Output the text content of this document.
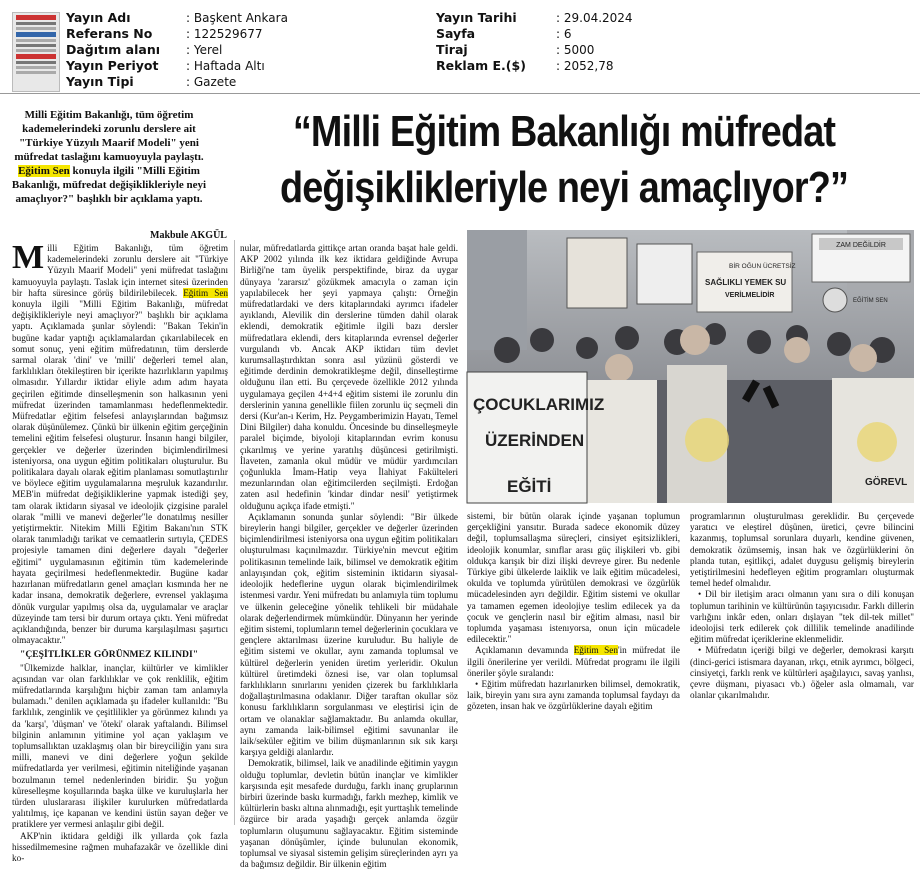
Yayın Adı	: Başkent Ankara
Referans No	: 122529677
Dağıtım alanı : Yerel
Yayın Periyot : Haftada Altı
Yayın Tipi	: Gazete
Yayın Tarihi	: 29.04.2024
Sayfa	: 6
Tiraj	: 5000
Reklam E.($)	: 2052,78
Milli Eğitim Bakanlığı, tüm öğretim kademelerindeki zorunlu derslere ait "Türkiye Yüzyılı Maarif Modeli" yeni müfredat taslağını kamuoyuyla paylaştı. Eğitim Sen konuyla ilgili "Milli Eğitim Bakanlığı, müfredat değişiklikleriyle neyi amaçlıyor?" başlıklı bir açıklama yaptı.
“Milli Eğitim Bakanlığı müfredat
değişiklikleriyle neyi amaçlıyor?”
Makbule AKGÜL

Milli Eğitim Bakanlığı, tüm öğretim kademelerindeki zorunlu derslere ait "Türkiye Yüzyılı Maarif Modeli" yeni müfredat taslağını kamuoyuyla paylaştı. Taslak için internet sitesi üzerinden bir hafta süresince görüş bildirilebilecek. Eğitim Sen konuyla ilgili "Milli Eğitim Bakanlığı, müfredat değişiklikleriyle neyi amaçlıyor?" başlıklı bir açıklama yaptı. Açıklamada şunlar söylendi: "Bakan Tekin'in bugüne kadar yaptığı açıklamalardan çıkarılabilecek en somut sonuç, yeni eğitim müfredatının, tüm derslerde sarmal olarak 'dini' ve 'milli' değerleri temel alan, farklılıkları ötekileştiren bir içerikte hazırlıkların yapılmış olmasıdır. Yıllardır iktidar eliyle adım adım hayata geçirilen eğitimde dinselleşmenin son halkasının yeni müfredat üzerinden tamamlanması hedeflenmektedir. Müfredatlar eğitim felsefesi anlayışlarından bağımsız olarak düşünülemez. Çünkü bir ülkenin eğitim gerçeğinin temelini eğitim felsefesi oluşturur. İnsanın hangi bilgiler, gerçekler ve değerler üzerinden biçimlendirilmesi isteniyorsa, ona uygun eğitim politikaları oluşturulur. Bu politikalara dayalı olarak eğitim planlaması somutlaştırılır ve böylece eğitim uygulamalarına meşruluk kazandırılır. MEB'in müfredat değişikliklerine yapmak istediği şey, tam olarak iktidarın siyasal ve ideolojik çizgisine paralel olarak "milli ve manevi değerler"le donatılmış nesiller yetiştirmektir. Nitekim Milli Eğitim Bakanı'nın STK olarak tanımladığı tarikat ve cemaatlerin sırtıyla, ÇEDES projesiyle tamamen dini değerlere dayalı "değerler eğitimi" uygulamasının eğitimin tüm kademelerinde hayata geçirilmesi hedeflenmektedir. Bugüne kadar hazırlanan müfredatların genel amaçları kısmında her ne kadar insana, demokratik değerlere, evrensel yaklaşıma dönük vurgular yapılmış olsa da, uygulamalar ve araçlar düzeyinde tam tersi bir durum ortaya çıktı. Yeni müfredat açıklandığında, benzer bir duruma karşılaşılması şaşırtıcı olmayacaktır."

"ÇEŞİTLİKLER GÖRÜNMEZ KILINDI"

"Ülkemizde halklar, inançlar, kültürler ve kimlikler açısından var olan farklılıklar ve çok renklilik, eğitim müfredatlarında karşılığını hiçbir zaman tam anlamıyla bulamadı." denilen açıklamada şu ifadeler kullanıldı: "Bu farklılık, zenginlik ve çeşitlilikler ya görünmez kılındı ya da 'karşı', 'düşman' ve 'öteki' olarak yaftalandı. Bilimsel bilginin anlamının yitimine yol açan yaklaşım ve toplumsallıktan uzaklaşmış olan bir bireyciliğin yanı sıra milli, manevi ve dini değerlere yoğun şekilde müfredatlarda yer verilmesi, eğitimin niteliğinde yaşanan bozulmanın temel nedenlerinden biridir. Şu yoğun küreselleşme koşullarında başka ülke ve kuruluşlarla her türden uluslararası ilişkiler kurulurken müfredatlarda yalıtılmış, içe kapanan ve kendini üstün sayan değer ve pratiklere yer vermesi anlaşılır gibi değil.

AKP'nin iktidara geldiği ilk yıllarda çok fazla hissedilmemesine rağmen muhafazakâr ve özellikle dini ko-

nular, müfredatlarda gittikçe artan oranda başat hale geldi. AKP 2002 yılında ilk kez iktidara geldiğinde Avrupa Birliği'ne tam üyelik perspektifinde, biraz da uygar dünyaya 'zararsız' gözükmek amacıyla o zaman için yapılabilecek her şeyi yapmaya çalıştı: Örneğin müfredatlardaki ve ders kitaplarındaki ayrımcı ifadeler ayıklandı, Alevilik din derslerine tümden dahil olarak eklendi, demokratik eğitimle ilgili bazı dersler müfredatlara eklendi, ders kitaplarında evrensel değerler vurgulandı vb. Ancak AKP iktidarı tüm devlet kurumsallaştırdıktan sonra asıl yüzünü gösterdi ve eğitimde derdinin demokratikleşme değil, dinselleştirme olduğunu ilan etti. Bu çerçevede özellikle 2012 yılında uygulamaya geçilen 4+4+4 eğitim sistemi ile zorunlu din derslerinin yanına genellikle fiilen zorunlu üç seçmeli din dersi (Kur'an-ı Kerim, Hz. Peygamberimizin Hayatı, Temel Dini Bilgiler) daha konuldu. Öncesinde bu dinselleşmeyle paralel biçimde, biyoloji kitaplarından evrim konusu çıkarılmış ve yerine yaratılış düşüncesi getirilmişti. İlaveten, zamanla okul müdür ve müdür yardımcıları çoğunlukla İmam-Hatip veya İlahiyat Fakülteleri mezunlarından olan eğitimcilerden seçilmişti. Erdoğan zaten asıl hedefinin 'kindar dindar nesil' yetiştirmek olduğunu açıkça ifade etmişti."

Açıklamanın sonunda şunlar söylendi: "Bir ülkede bireylerin hangi bilgiler, gerçekler ve değerler üzerinden biçimlendirilmesi isteniyorsa ona uygun eğitim politikaları oluşturulması kaçınılmazdır. Türkiye'nin mevcut eğitim politikasının temelinde laik, bilimsel ve demokratik eğitim anlayışından çok, eğitim sisteminin iktidarın siyasal-ideolojik hedeflerine uygun olarak biçimlendirilmek istenmesi vardır. Yeni müfredatı bu anlamıyla tüm toplumu ve ülkenin geleceğine yönelik tehlikeli bir müdahale olarak değerlendirmek mümkündür. Dünyanın her yerinde eğitim sistemi, toplumların temel değerlerinin çocuklara ve gençlere aktarılması üzerine kuruludur. Bu haliyle de eğitim sistemi ve okullar, aynı zamanda toplumsal ve kültürel değerlerin yeniden üretim yerleridir. Okulun kültürel üretimdeki öznesi ise, var olan toplumsal farklılıkların sınırlarını yeniden çizerek bu farklılıklarla doğallaştırılmasına odaklanır. Diğer taraftan okullar söz konusu farklılıkların sorgulanması ve eleştirisi için de ortam ve olanaklar sağlamaktadır. Bu anlamda okullar, aynı zamanda laik-bilimsel eğitimi savunanlar ile laik/seküler eğitim ve bilim düşmanlarının sık sık karşı karşıya geldiği alanlardır.

Demokratik, bilimsel, laik ve anadilinde eğitimin yaygın olduğu toplumlar, devletin bütün inançlar ve kimlikler karşısında eşit mesafede durduğu, farklı inanç gruplarının birbiri üzerinde baskı kurmadığı, farklı mezhep, kimlik ve kültürlerin baskı altına alınmadığı, eşit yurttaşlık temelinde özgürce bir arada yaşadığı gerçek anlamda özgür toplumların oluşumunu sağlayacaktır. Eğitim sisteminde yaşanan dönüşümler, içinde bulunulan ekonomik, toplumsal ve siyasal sistemin gelişim süreçlerinden ayrı ya da bağımsız değildir. Bir ülkenin eğitim

ZAM DEĞİLDİR
BİR OĞUN ÜCRETSİZ
SAĞLIKLI YEMEK SU
VERİLMELİDİR
EĞİTİM SEN
ÇOCUKLARIMIZ
ÜZERİNDEN
EĞİTİ	GÖREVL

sistemi, bir bütün olarak içinde yaşanan toplumun gerçekliğini yansıtır. Burada sadece ekonomik düzey değil, toplumsallaşma süreçleri, cinsiyet eşitsizlikleri, ideolojik konumlar, sınıflar arası güç ilişkileri vb. gibi oldukça karışık bir dizi ilişki devreye girer. Bu nedenle Türkiye gibi ülkelerde laiklik ve laik eğitim mücadelesi, okulda ve toplumda yürütülen demokrasi ve özgürlük mücadelesinden ayrı değildir. Eğitim sistemi ve okullar ya tamamen egemen ideolojiye teslim edilecek ya da çocuk ve gençlerin nasıl bir eğitim alması, nasıl bir toplumda yaşaması istenıyorsa, onun için mücadele edilecektir."

Açıklamanın devamında Eğitim Sen'in müfredat ile ilgili önerilerine yer verildi. Müfredat programı ile ilgili öneriler şöyle sıralandı:

• Eğitim müfredatı hazırlanırken bilimsel, demokratik, laik, bireyin yanı sıra aynı zamanda toplumsal faydayı da gözeten, insan hak ve özgürlüklerine dayalı eğitim

programlarının oluşturulması gereklidir. Bu çerçevede yaratıcı ve eleştirel düşünen, üretici, çevre bilincini kazanmış, toplumsal sorunlara duyarlı, kendine güvenen, demokratik özümsemiş, insan hak ve özgürlüklerini ön planda tutan, eşitlikçi, adalet duygusu gelişmiş bireylerin yetiştirilmesini hedefleyen eğitim programları oluşturmak temel hedef olmalıdır.

• Dil bir iletişim aracı olmanın yanı sıra o dili konuşan toplumun tarihinin ve kültürünün taşıyıcısıdır. Farklı dillerin varlığını inkâr eden, onları dışlayan "tek dil-tek millet" ideolojisi terk edilerek çok dillilik temelinde anadilinde eğitim müfredat içeriklerine eklenmelidir.

• Müfredatın içeriği bilgi ve değerler, demokrasi karşıtı (dinci-gerici istismara dayanan, ırkçı, etnik ayrımcı, bölgeci, cinsiyetçi, farklı renk ve kültürleri aşağılayıcı, savaş yanlısı, çevre düşmanı, piyasacı vb.) öğeler asla olmamalı, var olanlar çıkarılmalıdır.
